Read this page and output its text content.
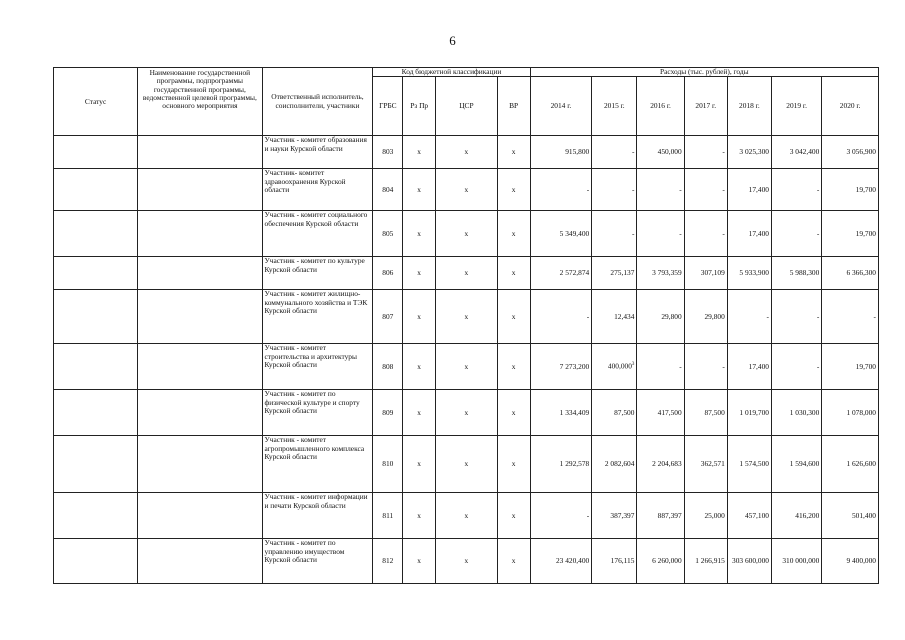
6
Статус	Наименование государственной программы, подпрограммы государственной программы, ведомственной целевой программы, основного мероприятия	Ответственный исполнитель, соисполнители, участники	Код бюджетной классификации				Расходы (тыс. рублей), годы						
			ГРБС	Рз Пр	ЦСР	ВР	2014 г.	2015 г.	2016 г.	2017 г.	2018 г.	2019 г.	2020 г.
		Участник - комитет образования и науки Курской области	803	х	х	х	915,800	-	450,000	-	3 025,300	3 042,400	3 056,900
		Участник- комитет здравоохранения Курской области	804	х	х	х	-	-	-	-	17,400	-	19,700
		Участник - комитет социального обеспечения Курской области	805	х	х	х	5 349,400	-	-	-	17,400	-	19,700
		Участник - комитет по культуре Курской области	806	х	х	х	2 572,874	275,137	3 793,359	307,109	5 933,900	5 988,300	6 366,300
		Участник - комитет жилищно-коммунального хозяйства и ТЭК Курской области	807	х	х	х	-	12,434	29,800	29,800	-	-	-
		Участник - комитет строительства и архитектуры Курской области	808	х	х	х	7 273,200	400,000$^3$	-	-	17,400	-	19,700
		Участник - комитет по физической культуре и спорту Курской области	809	х	х	х	1 334,409	87,500	417,500	87,500	1 019,700	1 030,300	1 078,000
		Участник - комитет агропромышленного комплекса Курской области	810	х	х	х	1 292,578	2 082,604	2 204,683	362,571	1 574,500	1 594,600	1 626,600
		Участник - комитет информации и печати Курской области	811	х	х	х	-	387,397	887,397	25,000	457,100	416,200	501,400
		Участник - комитет по управлению имуществом Курской области	812	х	х	х	23 420,400	176,115	6 260,000	1 266,915	303 600,000	310 000,000	9 400,000
